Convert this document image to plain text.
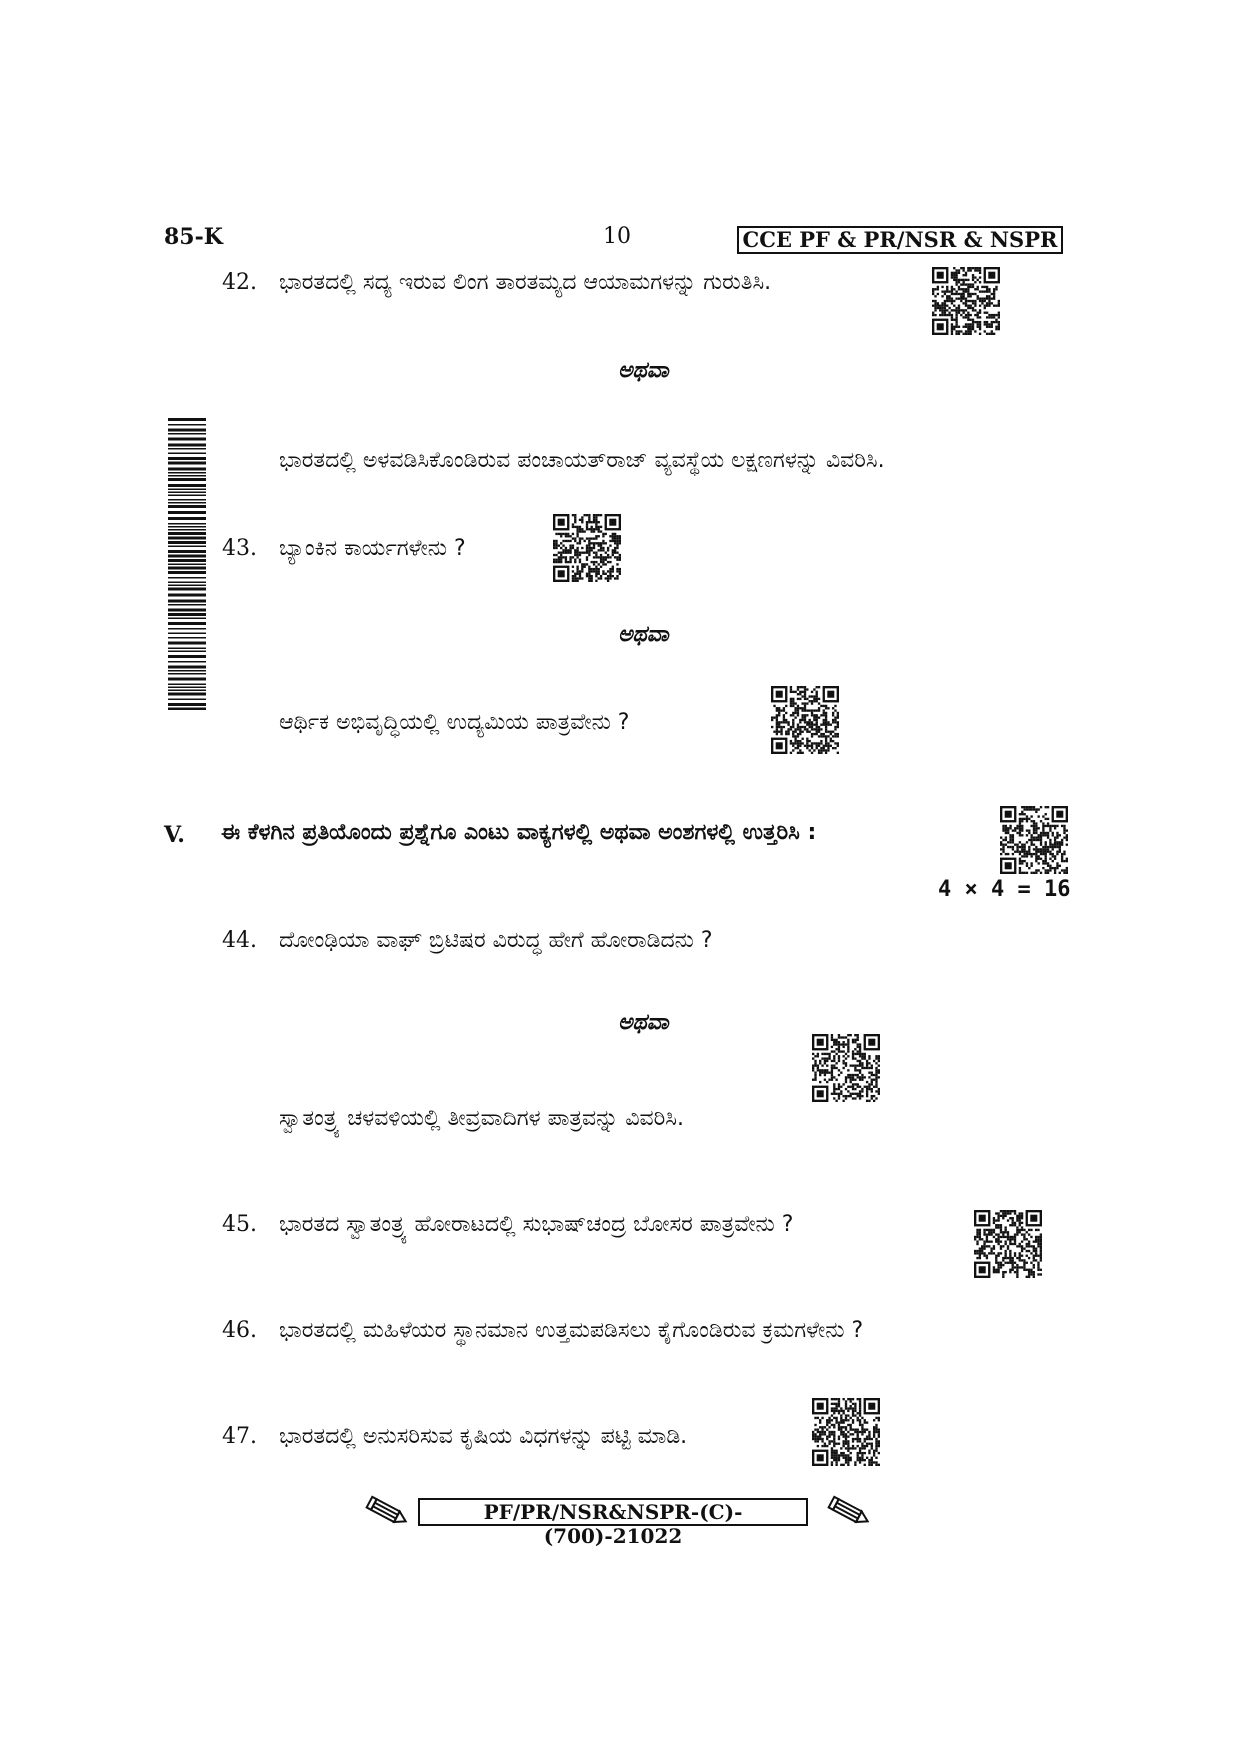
85-K	10	CCE PF & PR/NSR & NSPR
42. ಭಾರತದಲ್ಲಿ ಸದ್ಯ ಇರುವ ಲಿಂಗ ತಾರತಮ್ಯದ ಆಯಾಮಗಳನ್ನು ಗುರುತಿಸಿ.
ಅಥವಾ
ಭಾರತದಲ್ಲಿ ಅಳವಡಿಸಿಕೊಂಡಿರುವ ಪಂಚಾಯತ್‌ರಾಜ್ ವ್ಯವಸ್ಥೆಯ ಲಕ್ಷಣಗಳನ್ನು ವಿವರಿಸಿ.
43. ಬ್ಯಾಂಕಿನ ಕಾರ್ಯಗಳೇನು ?
ಅಥವಾ
ಆರ್ಥಿಕ ಅಭಿವೃದ್ಧಿಯಲ್ಲಿ ಉದ್ಯಮಿಯ ಪಾತ್ರವೇನು ?
V. ಈ ಕೆಳಗಿನ ಪ್ರತಿಯೊಂದು ಪ್ರಶ್ನೆಗೂ ಎಂಟು ವಾಕ್ಯಗಳಲ್ಲಿ ಅಥವಾ ಅಂಶಗಳಲ್ಲಿ ಉತ್ತರಿಸಿ :
4 × 4 = 16
44. ದೋಂಢಿಯಾ ವಾಘ್ ಬ್ರಿಟಿಷರ ವಿರುದ್ಧ ಹೇಗೆ ಹೋರಾಡಿದನು ?
ಅಥವಾ
ಸ್ವಾತಂತ್ರ್ಯ ಚಳವಳಿಯಲ್ಲಿ ತೀವ್ರವಾದಿಗಳ ಪಾತ್ರವನ್ನು ವಿವರಿಸಿ.
45. ಭಾರತದ ಸ್ವಾತಂತ್ರ್ಯ ಹೋರಾಟದಲ್ಲಿ ಸುಭಾಷ್‌ಚಂದ್ರ ಬೋಸರ ಪಾತ್ರವೇನು ?
46. ಭಾರತದಲ್ಲಿ ಮಹಿಳೆಯರ ಸ್ಥಾನಮಾನ ಉತ್ತಮಪಡಿಸಲು ಕೈಗೊಂಡಿರುವ ಕ್ರಮಗಳೇನು ?
47. ಭಾರತದಲ್ಲಿ ಅನುಸರಿಸುವ ಕೃಷಿಯ ವಿಧಗಳನ್ನು ಪಟ್ಟಿ ಮಾಡಿ.
PF/PR/NSR&NSPR-(C)-(700)-21022
